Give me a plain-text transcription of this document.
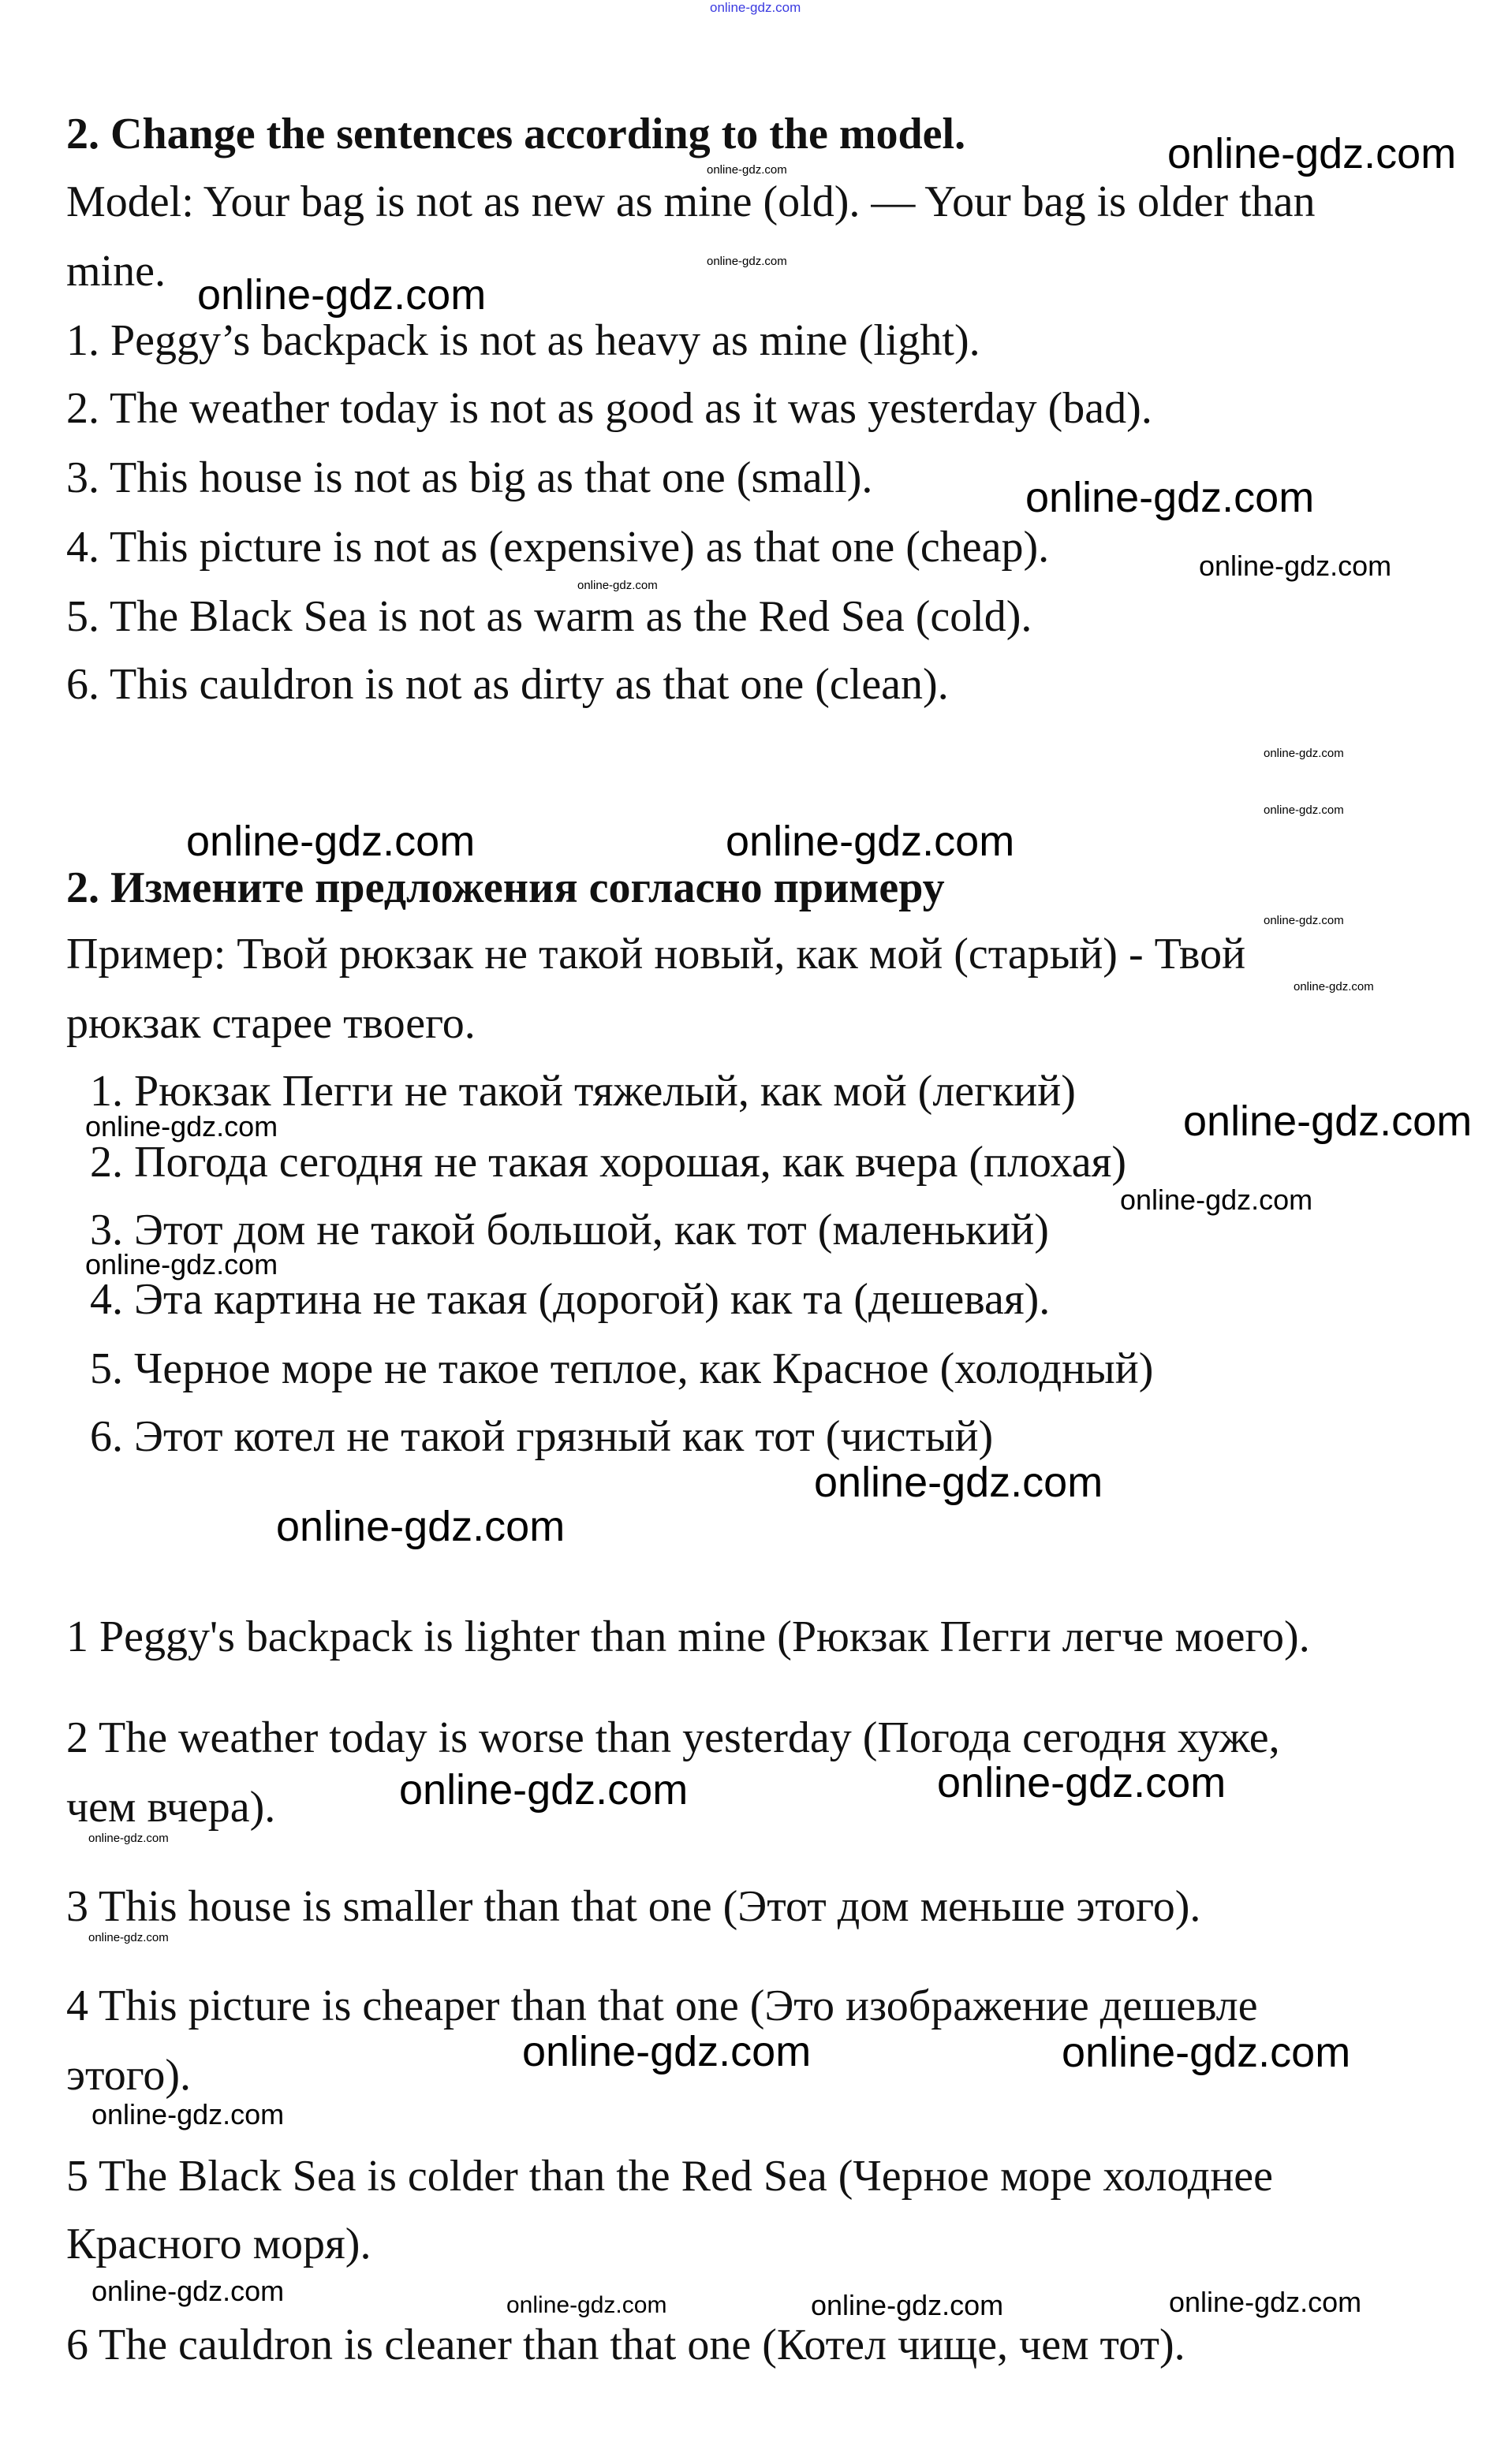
2. Change the sentences according to the model.
Model: Your bag is not as new as mine (old). — Your bag is older than
mine.
1. Peggy’s backpack is not as heavy as mine (light).
2. The weather today is not as good as it was yesterday (bad).
3. This house is not as big as that one (small).
4. This picture is not as (expensive) as that one (cheap).
5. The Black Sea is not as warm as the Red Sea (cold).
6. This cauldron is not as dirty as that one (clean).
2. Измените предложения согласно примеру
Пример: Твой рюкзак не такой новый, как мой (старый) - Твой
рюкзак старее твоего.
1. Рюкзак Пегги не такой тяжелый, как мой (легкий)
2. Погода сегодня не такая хорошая, как вчера (плохая)
3. Этот дом не такой большой, как тот (маленький)
4. Эта картина не такая (дорогой) как та (дешевая).
5. Черное море не такое теплое, как Красное (холодный)
6. Этот котел не такой грязный как тот (чистый)
1 Peggy's backpack is lighter than mine (Рюкзак Пегги легче моего).
2 The weather today is worse than yesterday (Погода сегодня хуже,
чем вчера).
3 This house is smaller than that one (Этот дом меньше этого).
4 This picture is cheaper than that one (Это изображение дешевле
этого).
5 The Black Sea is colder than the Red Sea (Черное море холоднее
Красного моря).
6 The cauldron is cleaner than that one (Котел чище, чем тот).
online-gdz.com
online-gdz.com
online-gdz.com
online-gdz.com
online-gdz.com
online-gdz.com	online-gdz.com
online-gdz.com
online-gdz.com
online-gdz.com
online-gdz.com
online-gdz.com
online-gdz.com
online-gdz.com	online-gdz.com
online-gdz.com	online-gdz.com
online-gdz.com
online-gdz.com	online-gdz.com	online-gdz.com	online-gdz.com
online-gdz.com
online-gdz.com
online-gdz.com
online-gdz.com
online-gdz.com
online-gdz.com
online-gdz.com
online-gdz.com
online-gdz.com
